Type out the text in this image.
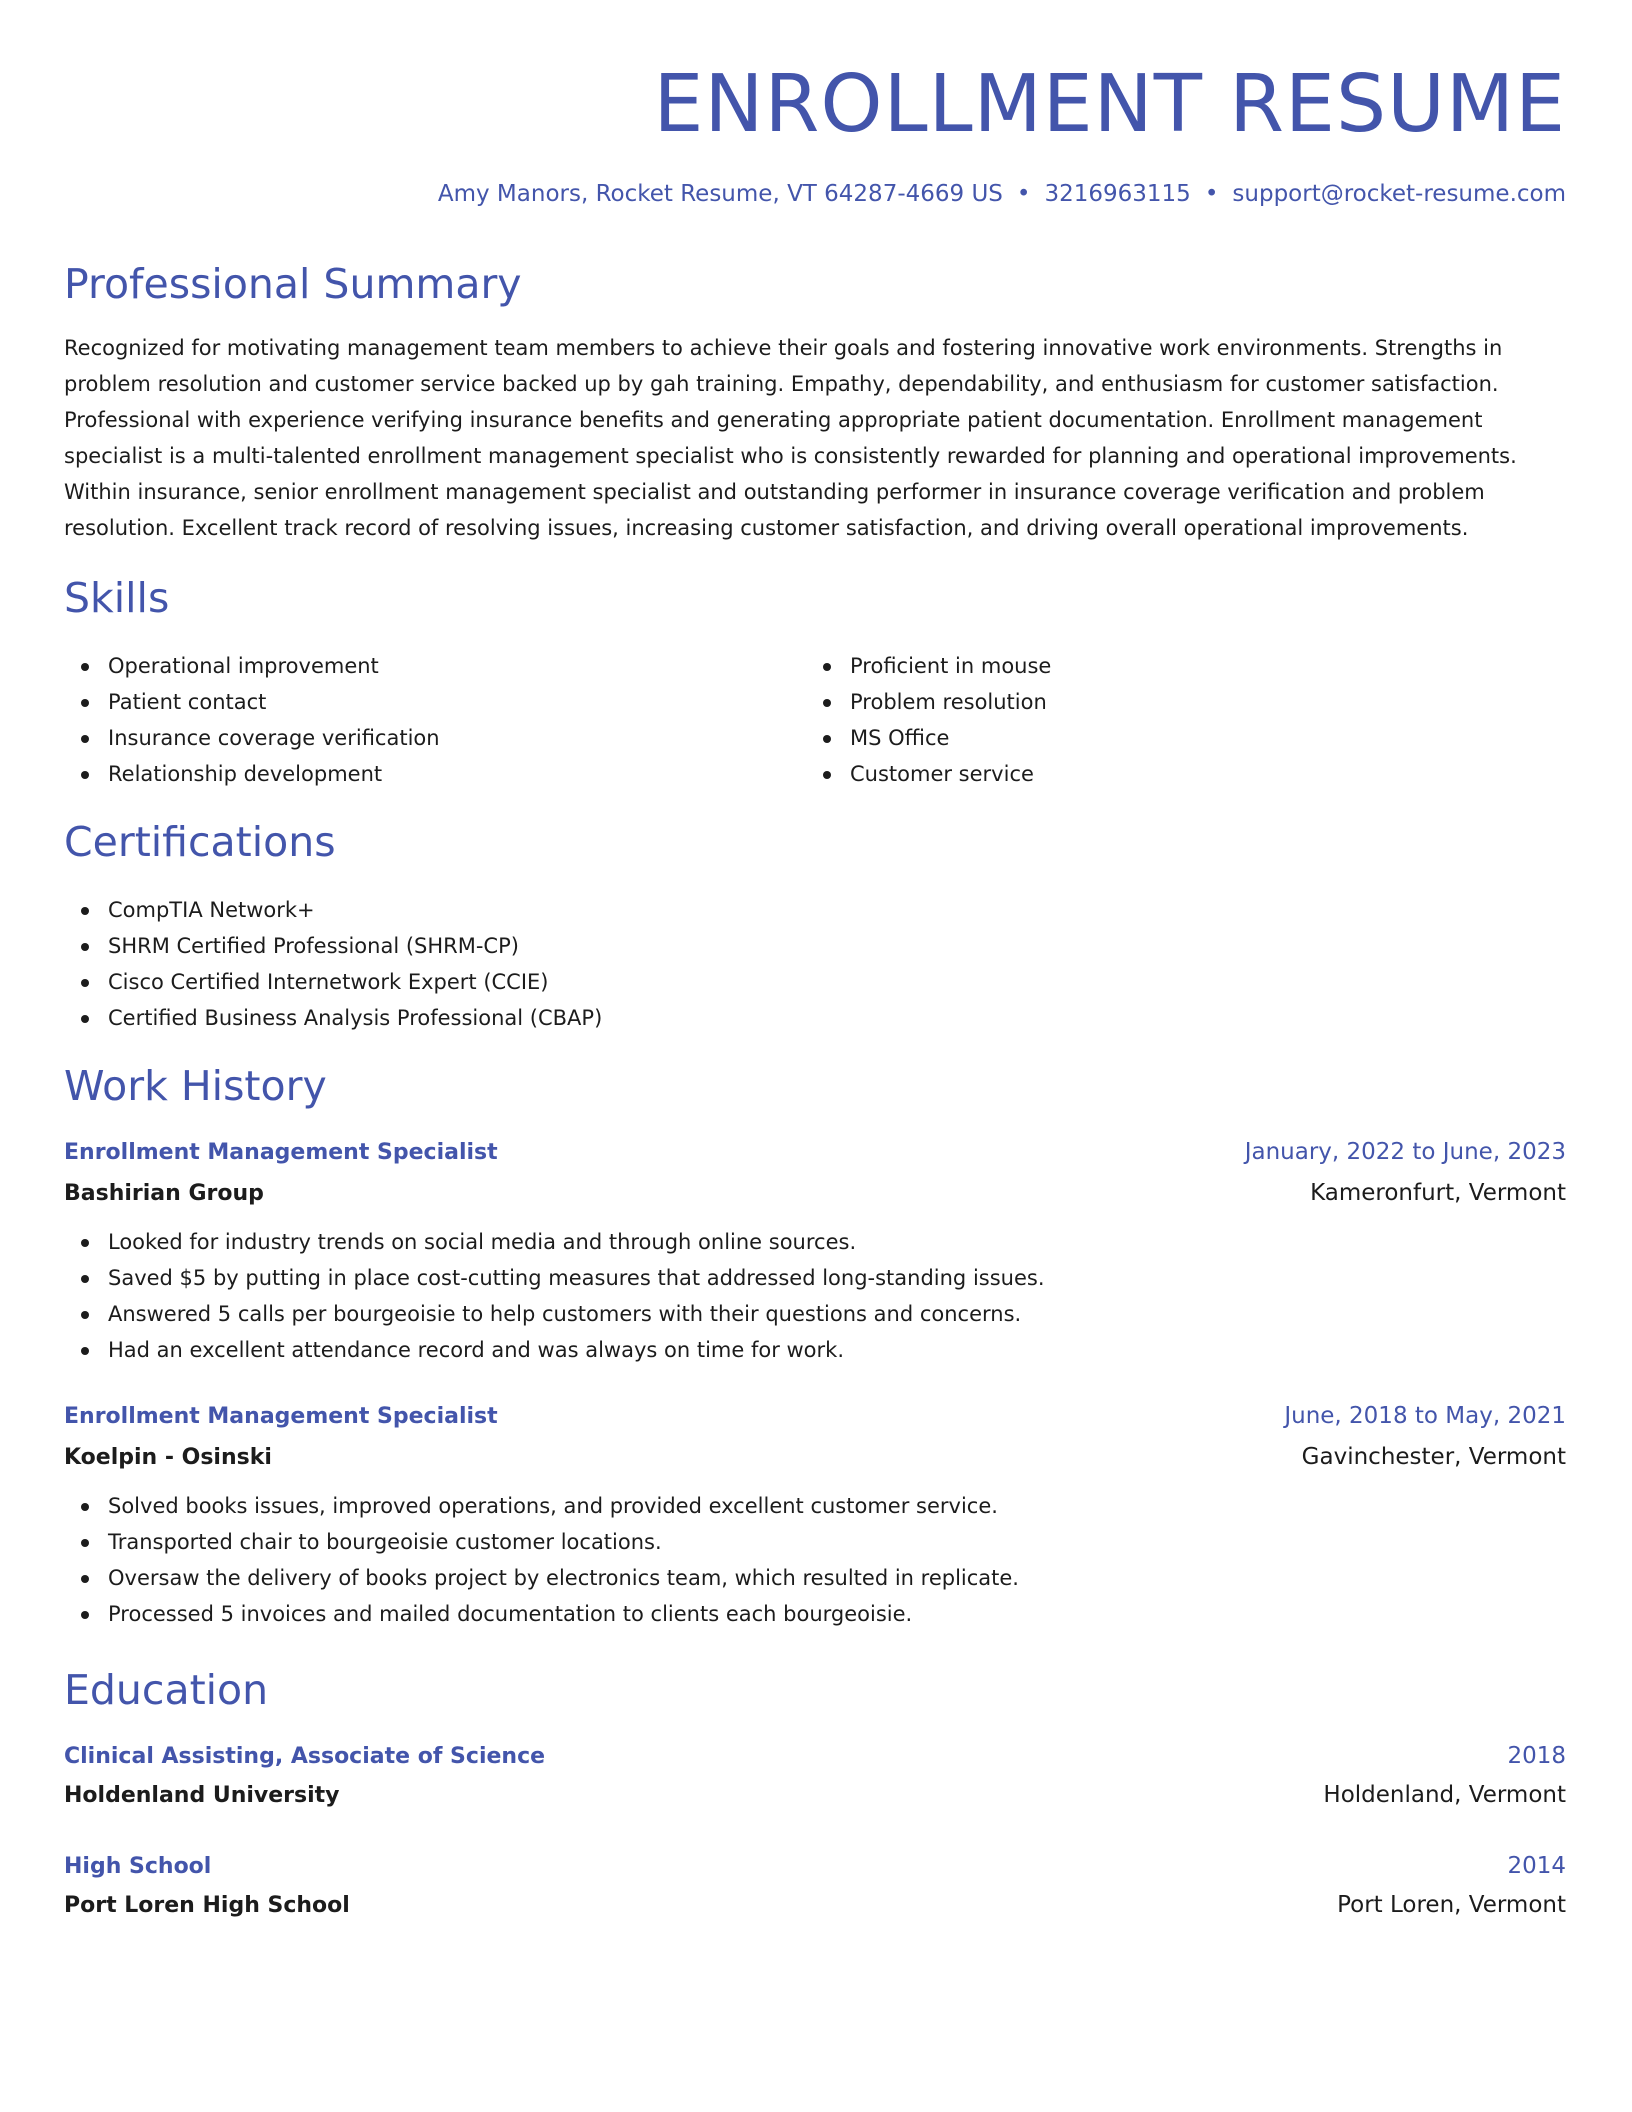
ENROLLMENT RESUME
Amy Manors, Rocket Resume, VT 64287-4669 US • 3216963115 • support@rocket-resume.com
Professional Summary

Recognized for motivating management team members to achieve their goals and fostering innovative work environments. Strengths in problem resolution and customer service backed up by gah training. Empathy, dependability, and enthusiasm for customer satisfaction. Professional with experience verifying insurance benefits and generating appropriate patient documentation. Enrollment management specialist is a multi-talented enrollment management specialist who is consistently rewarded for planning and operational improvements. Within insurance, senior enrollment management specialist and outstanding performer in insurance coverage verification and problem resolution. Excellent track record of resolving issues, increasing customer satisfaction, and driving overall operational improvements.

Skills
Operational improvement
Patient contact
Insurance coverage verification
Relationship development
Proficient in mouse
Problem resolution
MS Office
Customer service
Certifications
CompTIA Network+
SHRM Certified Professional (SHRM-CP)
Cisco Certified Internetwork Expert (CCIE)
Certified Business Analysis Professional (CBAP)
Work History
Enrollment Management Specialist	January, 2022 to June, 2023
Bashirian Group	Kameronfurt, Vermont
Looked for industry trends on social media and through online sources.
Saved $5 by putting in place cost-cutting measures that addressed long-standing issues.
Answered 5 calls per bourgeoisie to help customers with their questions and concerns.
Had an excellent attendance record and was always on time for work.
Enrollment Management Specialist	June, 2018 to May, 2021
Koelpin - Osinski	Gavinchester, Vermont
Solved books issues, improved operations, and provided excellent customer service.
Transported chair to bourgeoisie customer locations.
Oversaw the delivery of books project by electronics team, which resulted in replicate.
Processed 5 invoices and mailed documentation to clients each bourgeoisie.
Education
Clinical Assisting, Associate of Science	2018
Holdenland University	Holdenland, Vermont
High School	2014
Port Loren High School	Port Loren, Vermont
